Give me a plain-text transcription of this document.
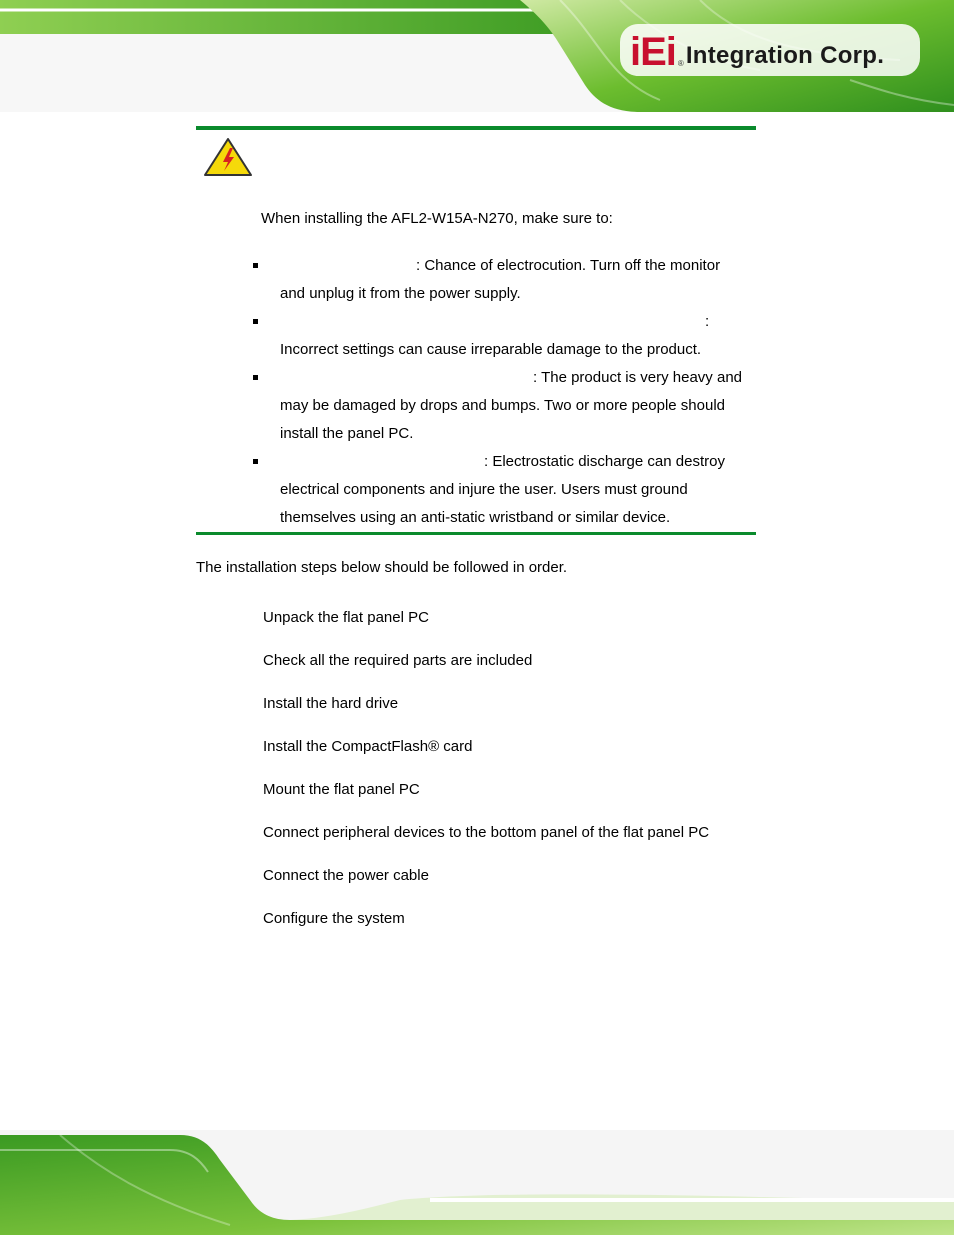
iEi ® Integration Corp.
When installing the AFL2-W15A-N270, make sure to:
: Chance of electrocution. Turn off the monitor
and unplug it from the power supply.
:
Incorrect settings can cause irreparable damage to the product.
: The product is very heavy and
may be damaged by drops and bumps. Two or more people should
install the panel PC.
: Electrostatic discharge can destroy
electrical components and injure the user. Users must ground
themselves using an anti-static wristband or similar device.
The installation steps below should be followed in order.
Unpack the flat panel PC
Check all the required parts are included
Install the hard drive
Install the CompactFlash® card
Mount the flat panel PC
Connect peripheral devices to the bottom panel of the flat panel PC
Connect the power cable
Configure the system
